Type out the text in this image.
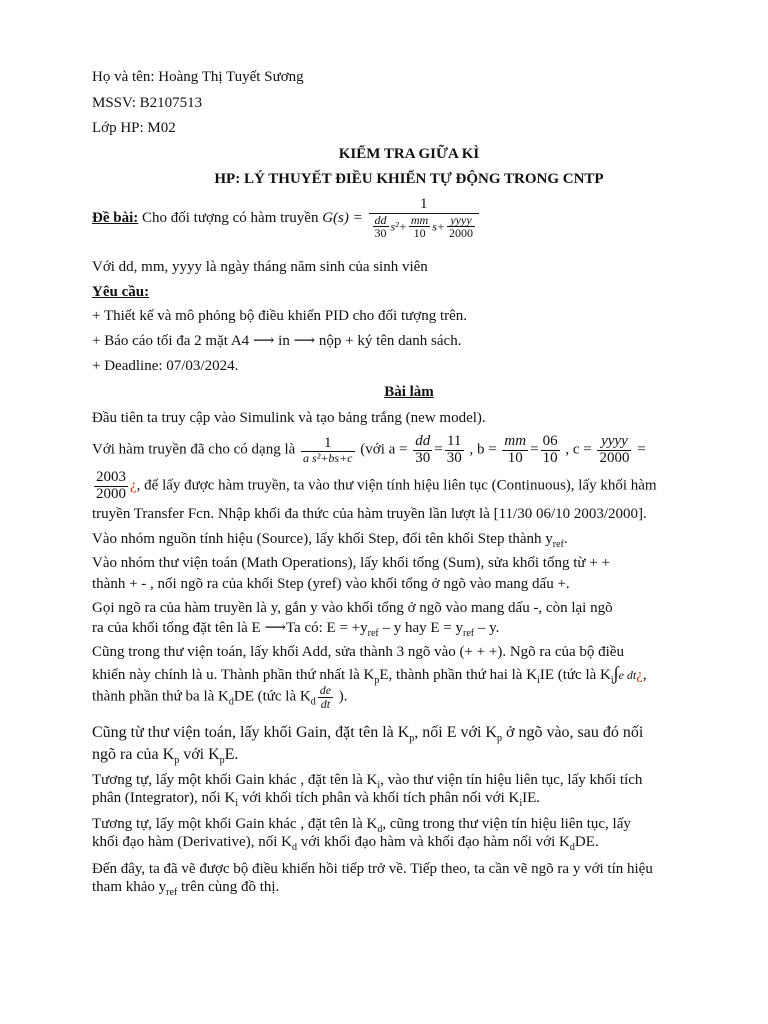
Họ và tên: Hoàng Thị Tuyết Sương
MSSV: B2107513
Lớp HP: M02
KIỂM TRA GIỮA KÌ
HP: LÝ THUYẾT ĐIỀU KHIỂN TỰ ĐỘNG TRONG CNTP
Đề bài: Cho đối tượng có hàm truyền $G(s) = \frac{1}{\frac{dd}{30} s^2+ \frac{mm}{10} s+ \frac{\text{yyyy}}{2000}}$
Với dd, mm, yyyy là ngày tháng năm sinh của sinh viên
Yêu cầu:
+ Thiết kế và mô phỏng bộ điều khiển PID cho đối tượng trên.
+ Báo cáo tối đa 2 mặt A4 ⟶ in ⟶ nộp + ký tên danh sách.
+ Deadline: 07/03/2024.
Bài làm
Đầu tiên ta truy cập vào Simulink và tạo bảng trắng (new model).
Với hàm truyền đã cho có dạng là $\frac{1}{\text{a s²+bs+c}}$ (với $a = \frac{dd}{30} = \frac{11}{30}$ , $b = \frac{mm}{10} = \frac{06}{10}$ , $c = \frac{\text{yyyy}}{2000}$ =
$\frac{2003}{2000}$ ¿, để lấy được hàm truyền, ta vào thư viện tính hiệu liên tục (Continuous), lấy khối hàm
truyền Transfer Fcn. Nhập khối đa thức của hàm truyền lần lượt là [11/30 06/10 2003/2000].
Vào nhóm nguồn tính hiệu (Source), lấy khối Step, đổi tên khối Step thành $y_{ref}$.
Vào nhóm thư viện toán (Math Operations), lấy khối tổng (Sum), sửa khối tổng từ + +
thành + - , nối ngõ ra của khối Step (yref) vào khối tổng ở ngõ vào mang dấu +.
Gọi ngõ ra của hàm truyền là y, gắn y vào khối tổng ở ngõ vào mang dấu -, còn lại ngõ
ra của khối tổng đặt tên là E ⟶Ta có: $E = +y_{ref} - y$ hay $E = y_{ref} - y$.
Cũng trong thư viện toán, lấy khối Add, sửa thành 3 ngõ vào (+ + +). Ngõ ra của bộ điều
khiển này chính là u. Thành phần thứ nhất là $K_pE$, thành phần thứ hai là $K_iIE$ (tức là $K_i\int e$ dt¿,
thành phần thứ ba là $K_dDE$ (tức là $K_d \frac{de}{dt}$ ).

Cũng từ thư viện toán, lấy khối Gain, đặt tên là $K_p$, nối E với $K_p$ ở ngõ vào, sau đó nối
ngõ ra của $K_p$ với $K_pE$.

Tương tự, lấy một khối Gain khác , đặt tên là $K_i$, vào thư viện tín hiệu liên tục, lấy khối tích
phân (Integrator), nối $K_i$ với khối tích phân và khối tích phân nối với $K_iIE$.

Tương tự, lấy một khối Gain khác , đặt tên là $K_d$, cũng trong thư viện tín hiệu liên tục, lấy
khối đạo hàm (Derivative), nối $K_d$ với khối đạo hàm và khối đạo hàm nối với $K_dDE$.

Đến đây, ta đã vẽ được bộ điều khiển hồi tiếp trở về. Tiếp theo, ta cần vẽ ngõ ra y với tín hiệu
tham khảo $y_{ref}$ trên cùng đồ thị.
